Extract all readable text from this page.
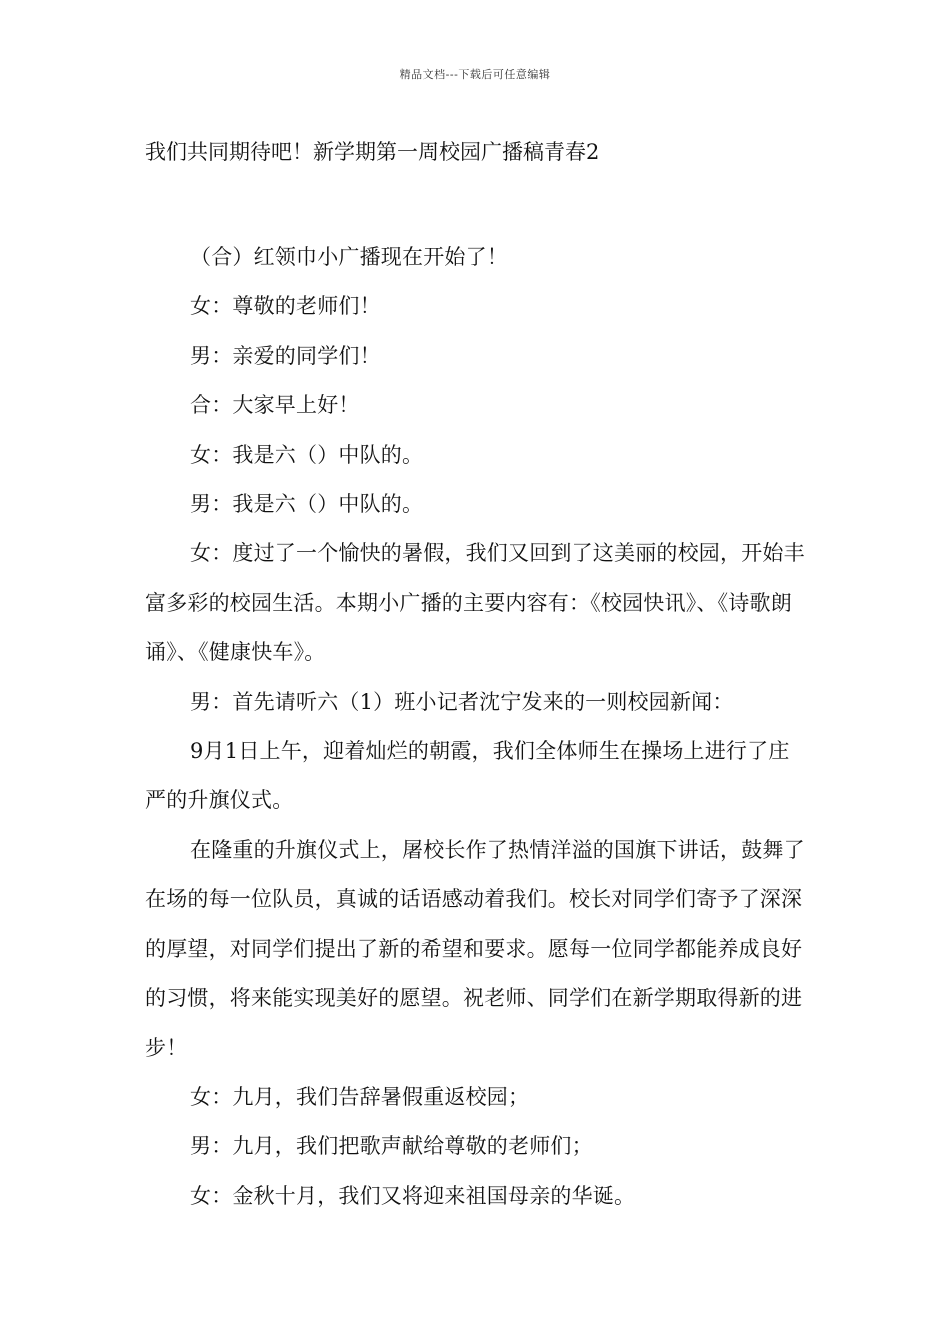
精品文档---下载后可任意编辑
我们共同期待吧！新学期第一周校园广播稿青春2

（合）红领巾小广播现在开始了！

女：尊敬的老师们！

男：亲爱的同学们！

合：大家早上好！

女：我是六（）中队的。

男：我是六（）中队的。

女：度过了一个愉快的暑假，我们又回到了这美丽的校园，开始丰富多彩的校园生活。本期小广播的主要内容有：《校园快讯》、《诗歌朗诵》、《健康快车》。

男：首先请听六（1）班小记者沈宁发来的一则校园新闻：

9月1日上午，迎着灿烂的朝霞，我们全体师生在操场上进行了庄严的升旗仪式。

在隆重的升旗仪式上，屠校长作了热情洋溢的国旗下讲话，鼓舞了在场的每一位队员，真诚的话语感动着我们。校长对同学们寄予了深深的厚望，对同学们提出了新的希望和要求。愿每一位同学都能养成良好的习惯，将来能实现美好的愿望。祝老师、同学们在新学期取得新的进步！

女：九月，我们告辞暑假重返校园；

男：九月，我们把歌声献给尊敬的老师们；

女：金秋十月，我们又将迎来祖国母亲的华诞。
